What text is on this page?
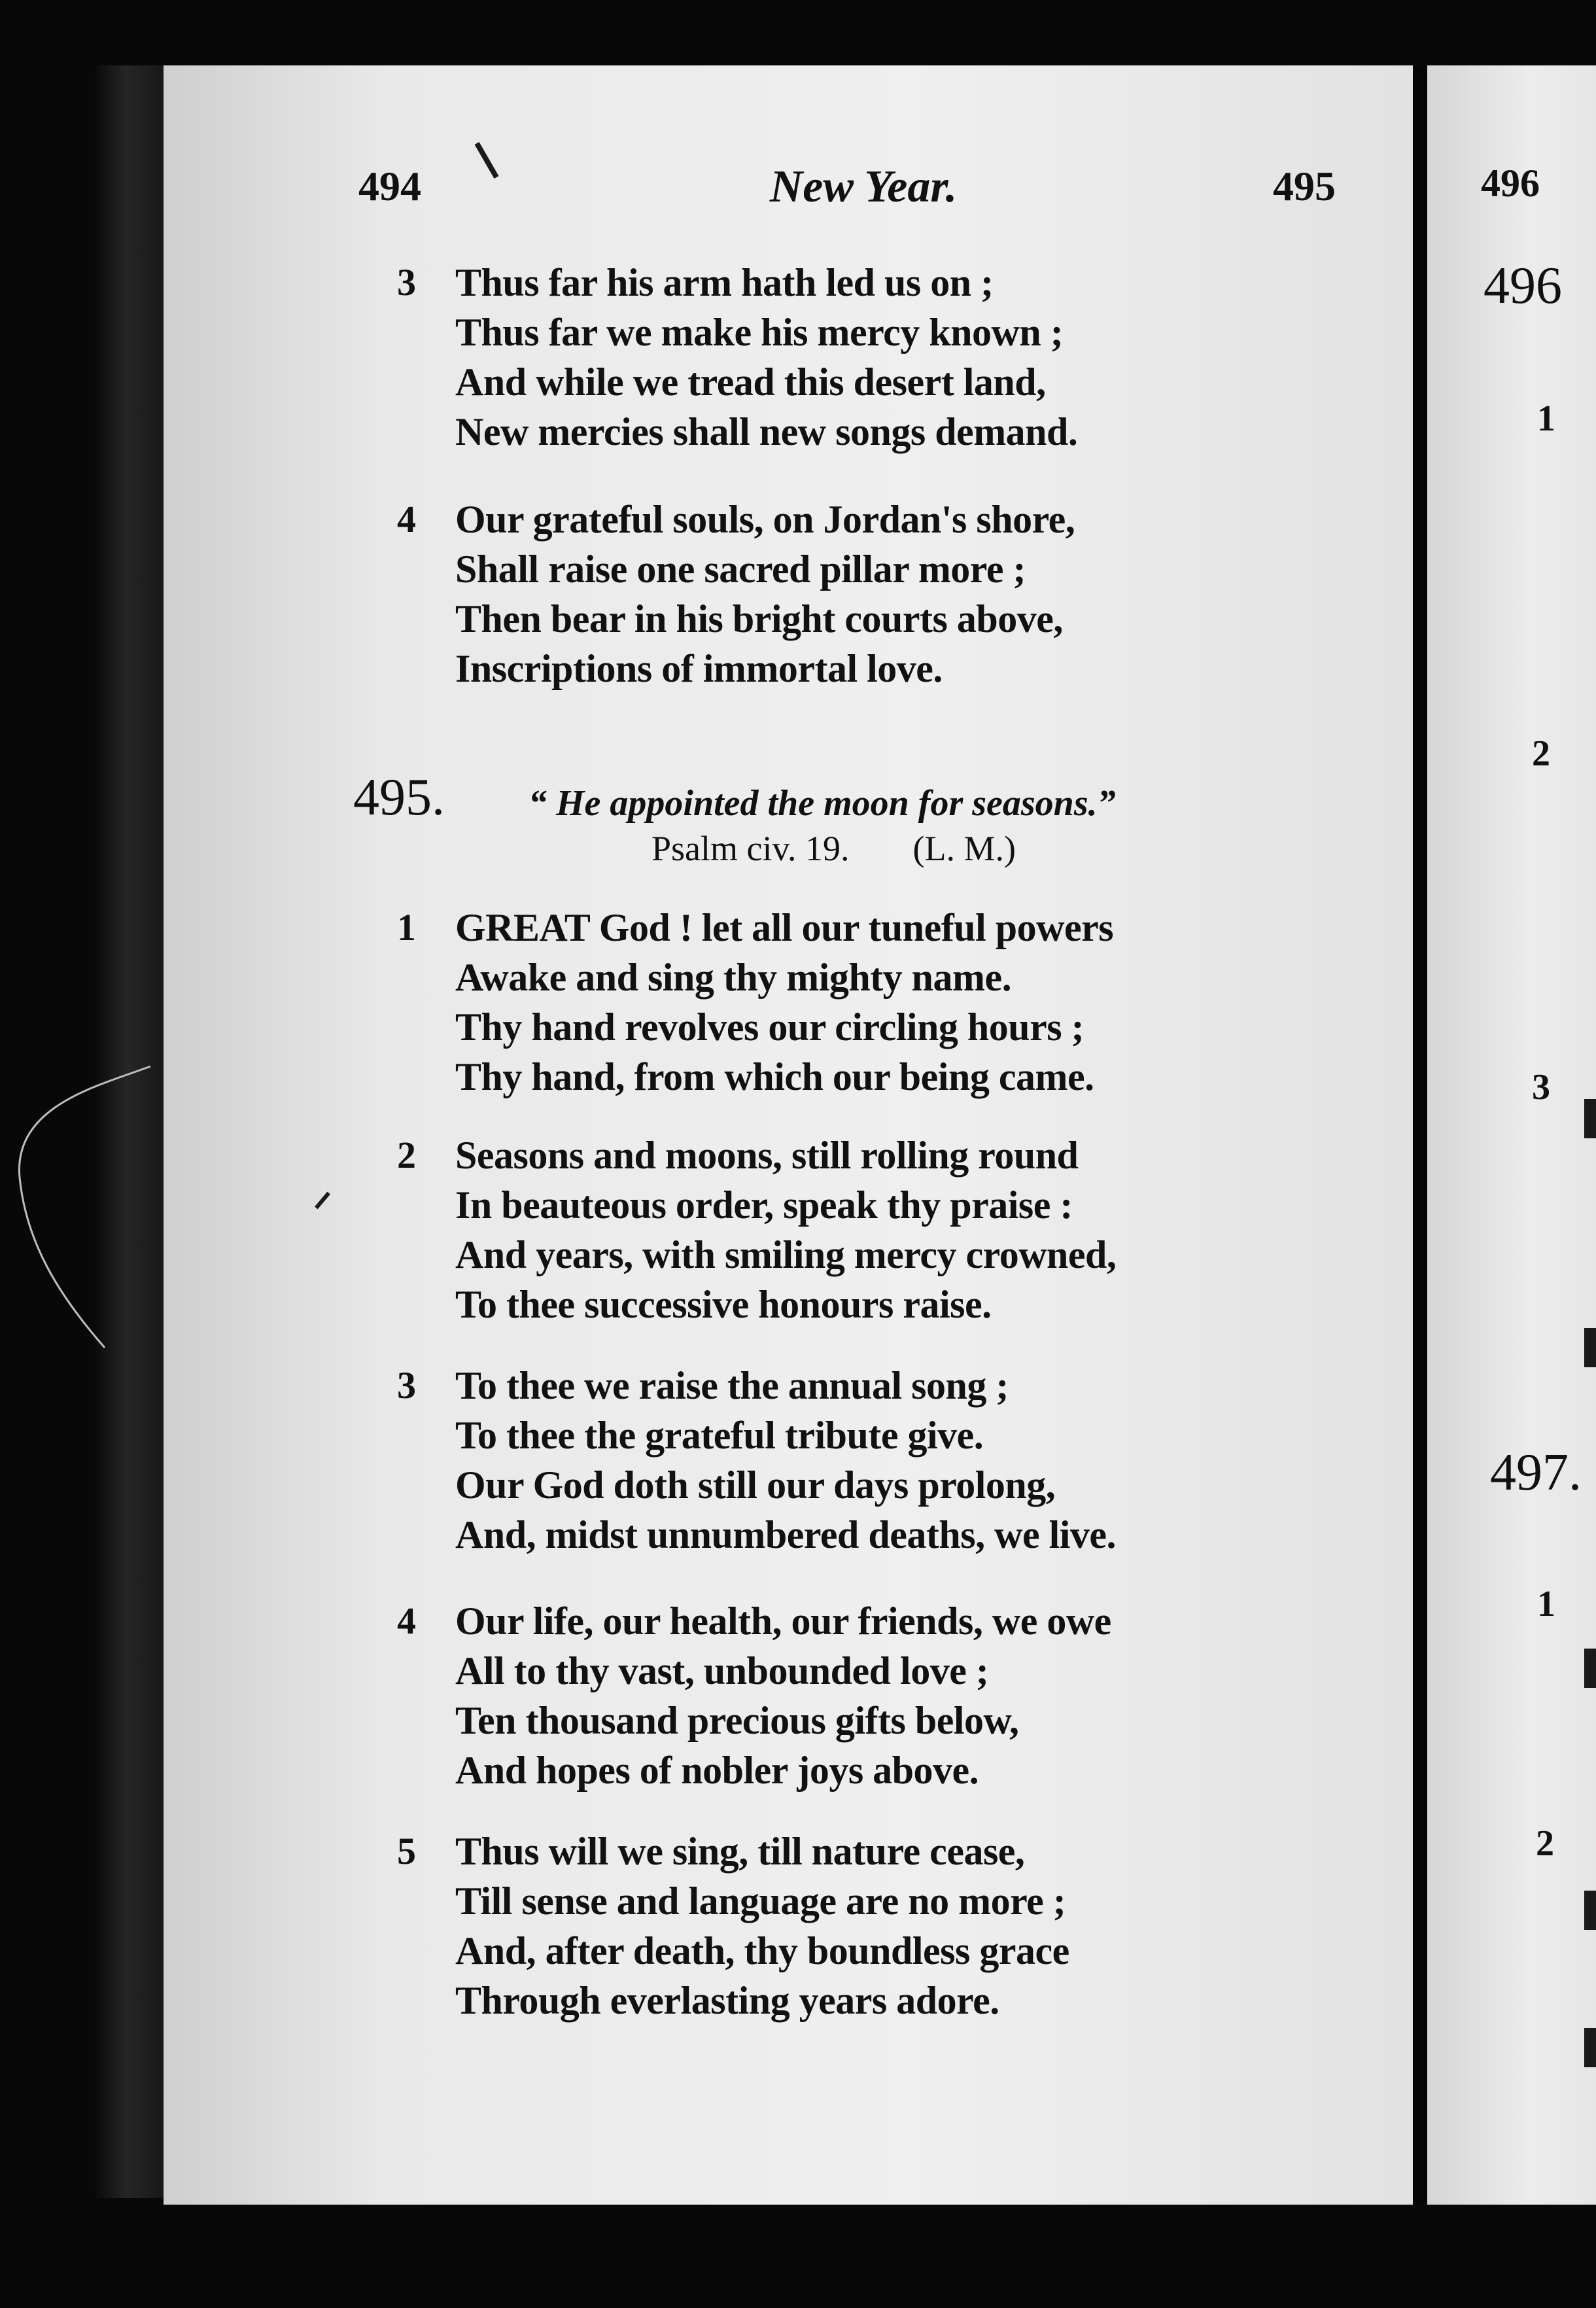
496
496
1
2
3
497.
1
2
494	New Year.	495
3 Thus far his arm hath led us on ;
Thus far we make his mercy known ;
And while we tread this desert land,
New mercies shall new songs demand.
4 Our grateful souls, on Jordan's shore,
Shall raise one sacred pillar more ;
Then bear in his bright courts above,
Inscriptions of immortal love.
495. “ He appointed the moon for seasons.”
Psalm civ. 19. (L. M.)
1 GREAT God ! let all our tuneful powers
Awake and sing thy mighty name.
Thy hand revolves our circling hours ;
Thy hand, from which our being came.
2 Seasons and moons, still rolling round
In beauteous order, speak thy praise :
And years, with smiling mercy crowned,
To thee successive honours raise.
3 To thee we raise the annual song ;
To thee the grateful tribute give.
Our God doth still our days prolong,
And, midst unnumbered deaths, we live.
4 Our life, our health, our friends, we owe
All to thy vast, unbounded love ;
Ten thousand precious gifts below,
And hopes of nobler joys above.
5 Thus will we sing, till nature cease,
Till sense and language are no more ;
And, after death, thy boundless grace
Through everlasting years adore.
